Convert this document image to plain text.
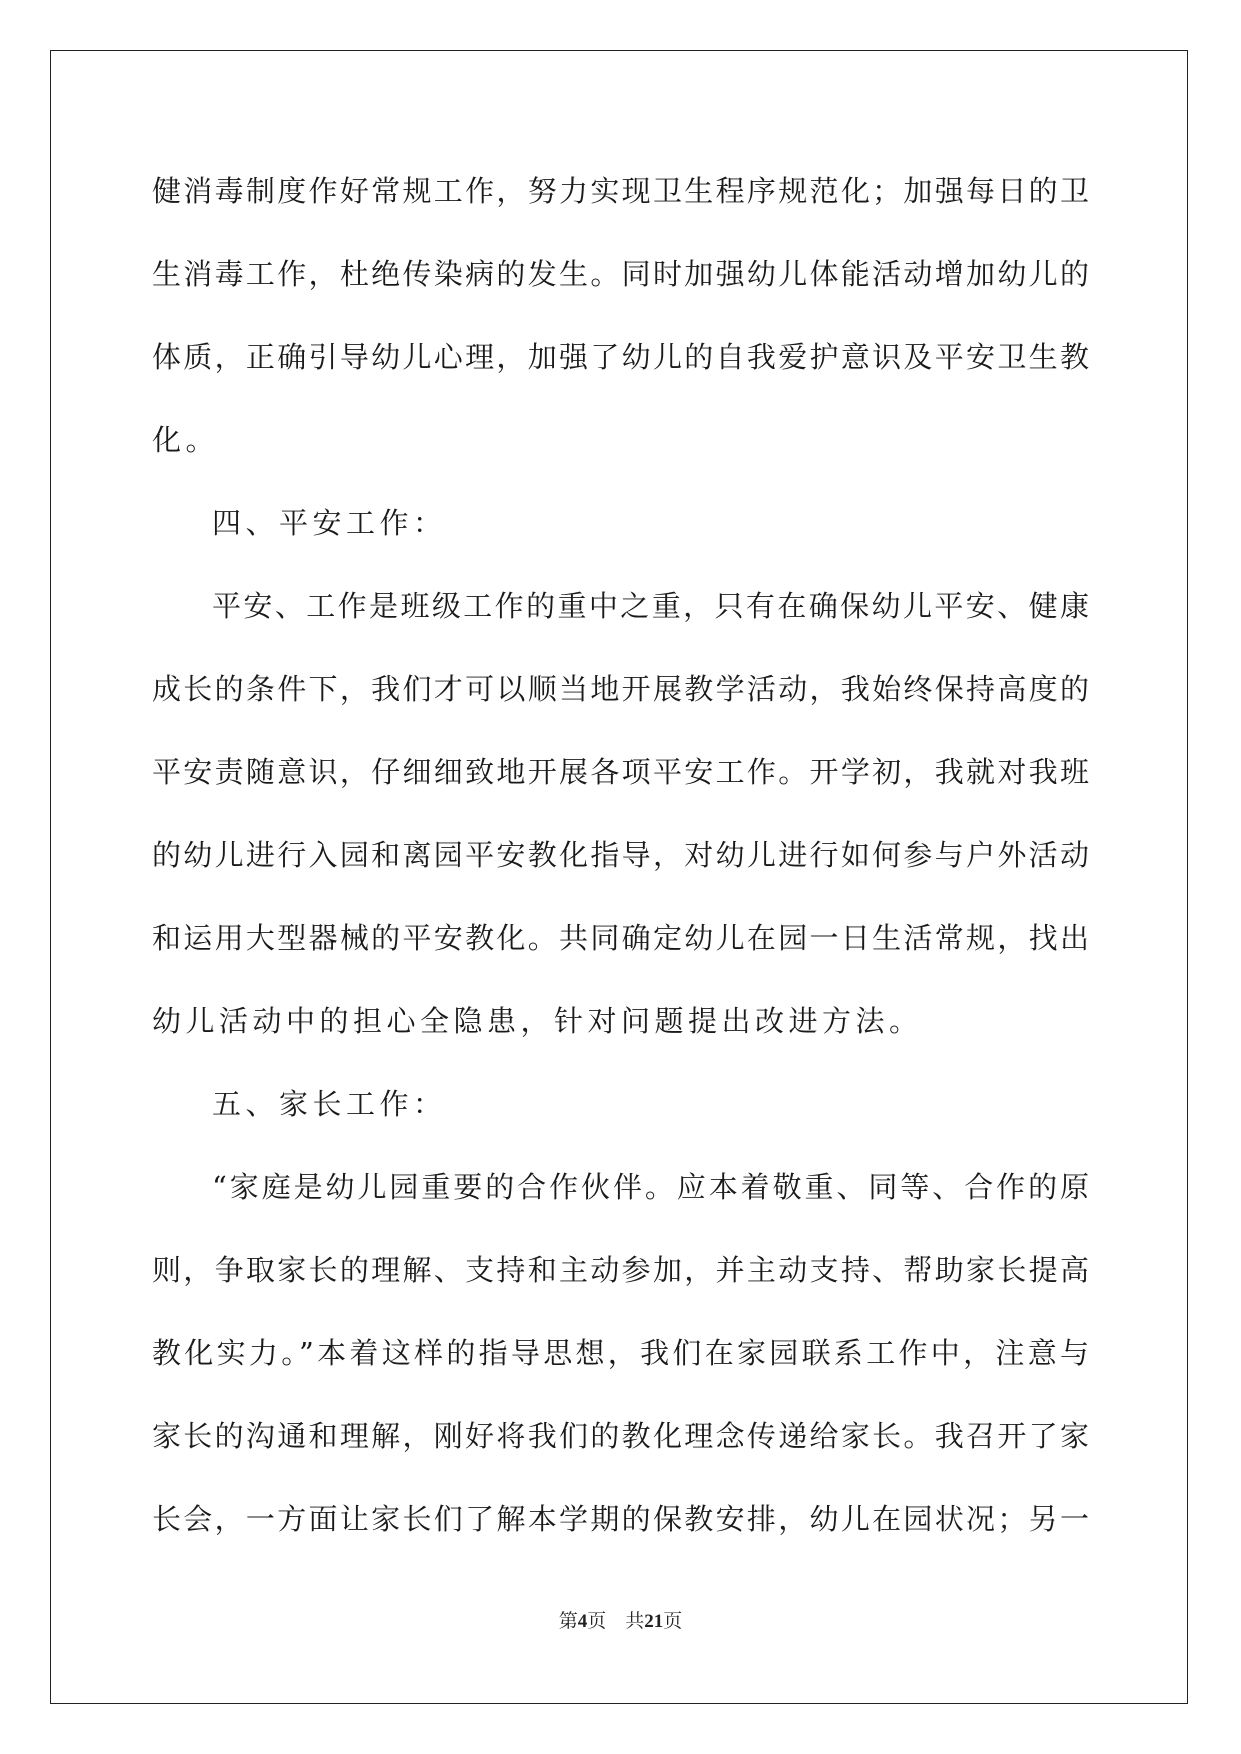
健消毒制度作好常规工作，努力实现卫生程序规范化；加强每日的卫
生消毒工作，杜绝传染病的发生。同时加强幼儿体能活动增加幼儿的
体质，正确引导幼儿心理，加强了幼儿的自我爱护意识及平安卫生教
化。
四、平安工作：
平安、工作是班级工作的重中之重，只有在确保幼儿平安、健康
成长的条件下，我们才可以顺当地开展教学活动，我始终保持高度的
平安责随意识，仔细细致地开展各项平安工作。开学初，我就对我班
的幼儿进行入园和离园平安教化指导，对幼儿进行如何参与户外活动
和运用大型器械的平安教化。共同确定幼儿在园一日生活常规，找出
幼儿活动中的担心全隐患，针对问题提出改进方法。
五、家长工作：
“家庭是幼儿园重要的合作伙伴。应本着敬重、同等、合作的原
则，争取家长的理解、支持和主动参加，并主动支持、帮助家长提高
教化实力。”本着这样的指导思想，我们在家园联系工作中，注意与
家长的沟通和理解，刚好将我们的教化理念传递给家长。我召开了家
长会，一方面让家长们了解本学期的保教安排，幼儿在园状况；另一
第4页 共21页
